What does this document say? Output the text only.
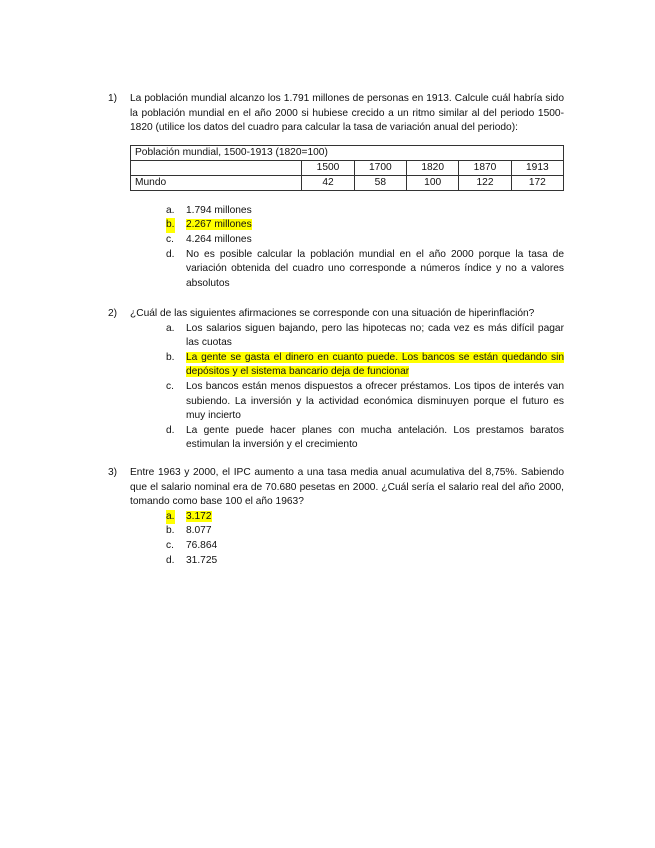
1) La población mundial alcanzo los 1.791 millones de personas en 1913. Calcule cuál habría sido la población mundial en el año 2000 si hubiese crecido a un ritmo similar al del periodo 1500-1820 (utilice los datos del cuadro para calcular la tasa de variación anual del periodo):
Población mundial, 1500-1913 (1820=100)					
	1500	1700	1820	1870	1913
Mundo	42	58	100	122	172
a. 1.794 millones
b. 2.267 millones
c. 4.264 millones
d. No es posible calcular la población mundial en el año 2000 porque la tasa de variación obtenida del cuadro uno corresponde a números índice y no a valores absolutos
2) ¿Cuál de las siguientes afirmaciones se corresponde con una situación de hiperinflación?
a. Los salarios siguen bajando, pero las hipotecas no; cada vez es más difícil pagar las cuotas
b. La gente se gasta el dinero en cuanto puede. Los bancos se están quedando sin depósitos y el sistema bancario deja de funcionar
c. Los bancos están menos dispuestos a ofrecer préstamos. Los tipos de interés van subiendo. La inversión y la actividad económica disminuyen porque el futuro es muy incierto
d. La gente puede hacer planes con mucha antelación. Los prestamos baratos estimulan la inversión y el crecimiento
3) Entre 1963 y 2000, el IPC aumento a una tasa media anual acumulativa del 8,75%. Sabiendo que el salario nominal era de 70.680 pesetas en 2000. ¿Cuál sería el salario real del año 2000, tomando como base 100 el año 1963?
a. 3.172
b. 8.077
c. 76.864
d. 31.725
